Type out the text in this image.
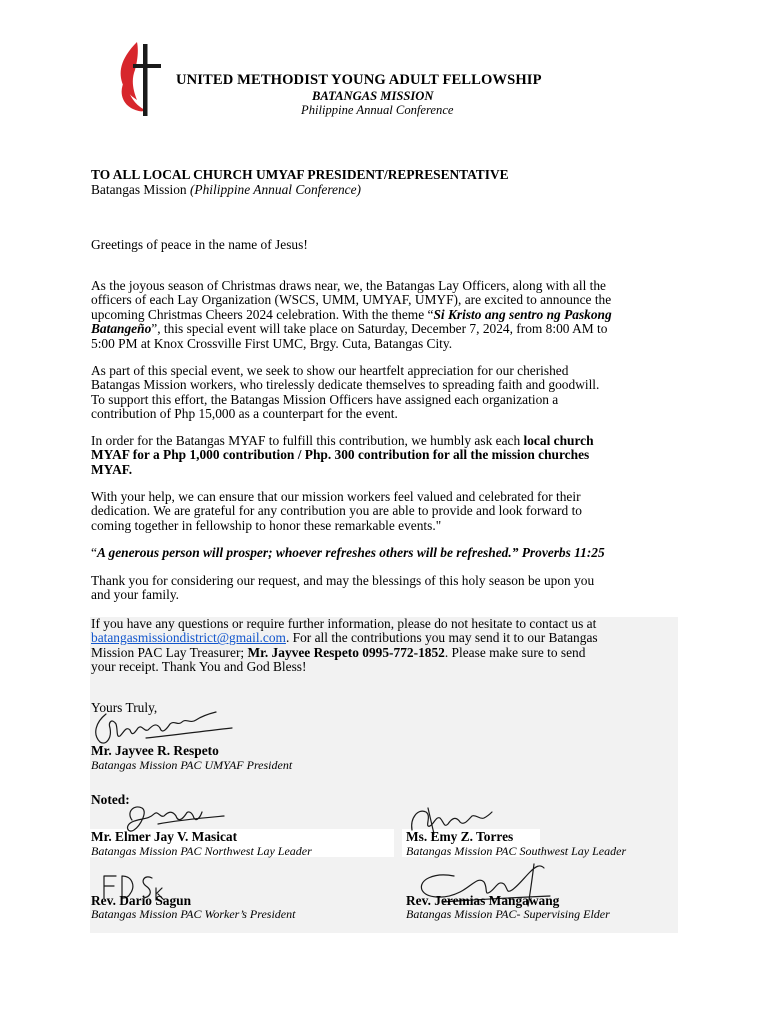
UNITED METHODIST YOUNG ADULT FELLOWSHIP
BATANGAS MISSION
Philippine Annual Conference
TO ALL LOCAL CHURCH UMYAF PRESIDENT/REPRESENTATIVE
Batangas Mission (Philippine Annual Conference)
Greetings of peace in the name of Jesus!
As the joyous season of Christmas draws near, we, the Batangas Lay Officers, along with all the
officers of each Lay Organization (WSCS, UMM, UMYAF, UMYF), are excited to announce the
upcoming Christmas Cheers 2024 celebration. With the theme “Si Kristo ang sentro ng Paskong
Batangeño”, this special event will take place on Saturday, December 7, 2024, from 8:00 AM to
5:00 PM at Knox Crossville First UMC, Brgy. Cuta, Batangas City.
As part of this special event, we seek to show our heartfelt appreciation for our cherished
Batangas Mission workers, who tirelessly dedicate themselves to spreading faith and goodwill.
To support this effort, the Batangas Mission Officers have assigned each organization a
contribution of Php 15,000 as a counterpart for the event.
In order for the Batangas MYAF to fulfill this contribution, we humbly ask each local church
MYAF for a Php 1,000 contribution / Php. 300 contribution for all the mission churches
MYAF.
With your help, we can ensure that our mission workers feel valued and celebrated for their
dedication. We are grateful for any contribution you are able to provide and look forward to
coming together in fellowship to honor these remarkable events."
“A generous person will prosper; whoever refreshes others will be refreshed.” Proverbs 11:25
Thank you for considering our request, and may the blessings of this holy season be upon you
and your family.
If you have any questions or require further information, please do not hesitate to contact us at
batangasmissiondistrict@gmail.com. For all the contributions you may send it to our Batangas
Mission PAC Lay Treasurer; Mr. Jayvee Respeto 0995-772-1852. Please make sure to send
your receipt. Thank You and God Bless!
Yours Truly,
Mr. Jayvee R. Respeto
Batangas Mission PAC UMYAF President
Noted:
Mr. Elmer Jay V. Masicat
Batangas Mission PAC Northwest Lay Leader
Ms. Emy Z. Torres
Batangas Mission PAC Southwest Lay Leader
Rev. Dario Sagun
Batangas Mission PAC Worker’s President
Rev. Jeremias Mangawang
Batangas Mission PAC- Supervising Elder
